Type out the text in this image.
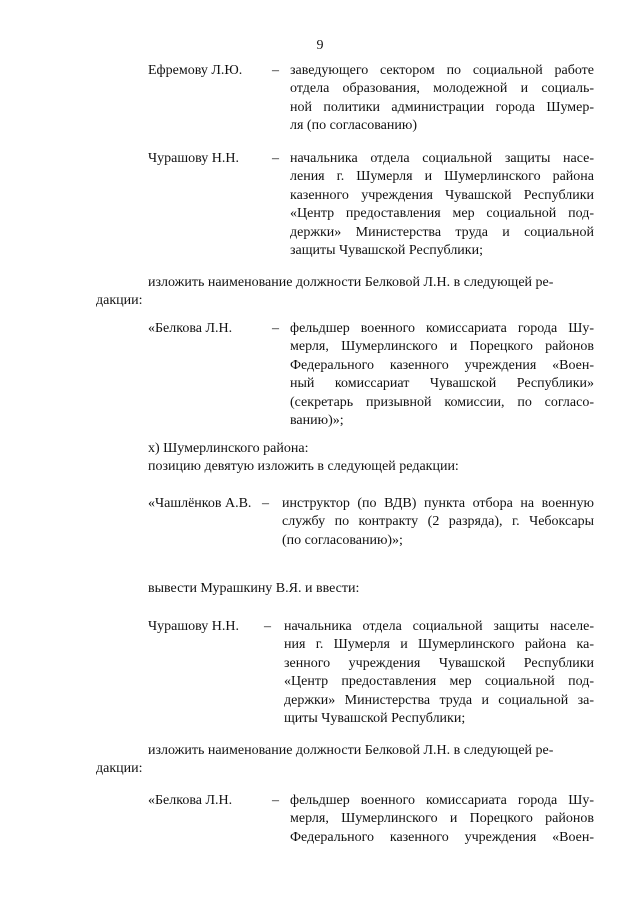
9
Ефремову Л.Ю. – заведующего сектором по социальной работе
отдела образования, молодежной и социаль-
ной политики администрации города Шумер-
ля (по согласованию)
Чурашову Н.Н. – начальника отдела социальной защиты насе-
ления г. Шумерля и Шумерлинского района
казенного учреждения Чувашской Республики
«Центр предоставления мер социальной под-
держки» Министерства труда и социальной
защиты Чувашской Республики;
изложить наименование должности Белковой Л.Н. в следующей ре-
дакции:
«Белкова Л.Н.	– фельдшер военного комиссариата города Шу-
мерля, Шумерлинского и Порецкого районов
Федерального казенного учреждения «Воен-
ный комиссариат Чувашской Республики»
(секретарь призывной комиссии, по согласо-
ванию)»;
х) Шумерлинского района:
позицию девятую изложить в следующей редакции:
«Чашлёнков А.В. – инструктор (по ВДВ) пункта отбора на военную
службу по контракту (2 разряда), г. Чебоксары
(по согласованию)»;
вывести Мурашкину В.Я. и ввести:
Чурашову Н.Н. – начальника отдела социальной защиты населе-
ния г. Шумерля и Шумерлинского района ка-
зенного учреждения Чувашской Республики
«Центр предоставления мер социальной под-
держки» Министерства труда и социальной за-
щиты Чувашской Республики;
изложить наименование должности Белковой Л.Н. в следующей ре-
дакции:
«Белкова Л.Н.	– фельдшер военного комиссариата города Шу-
мерля, Шумерлинского и Порецкого районов
Федерального казенного учреждения «Воен-
